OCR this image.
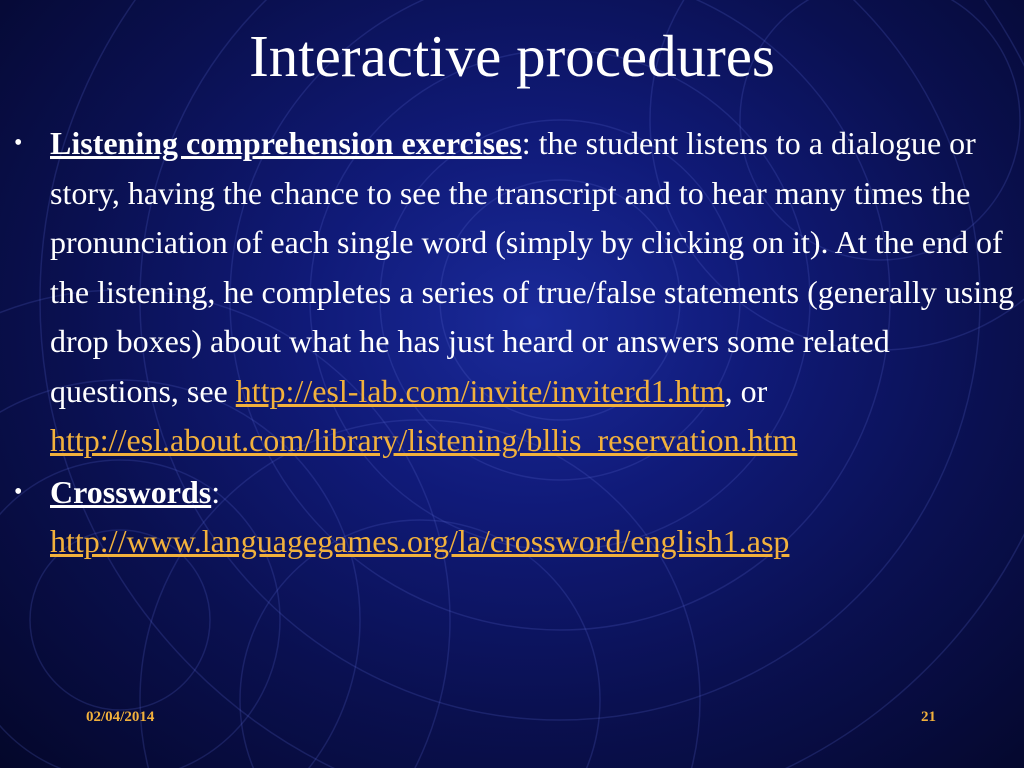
Interactive procedures

• Listening comprehension exercises: the student listens to a dialogue or story, having the chance to see the transcript and to hear many times the pronunciation of each single word (simply by clicking on it). At the end of the listening, he completes a series of true/false statements (generally using drop boxes) about what he has just heard or answers some related questions, see http://esl-lab.com/invite/inviterd1.htm, or http://esl.about.com/library/listening/bllis_reservation.htm

• Crosswords:
http://www.languagegames.org/la/crossword/english1.asp

02/04/2014	21
